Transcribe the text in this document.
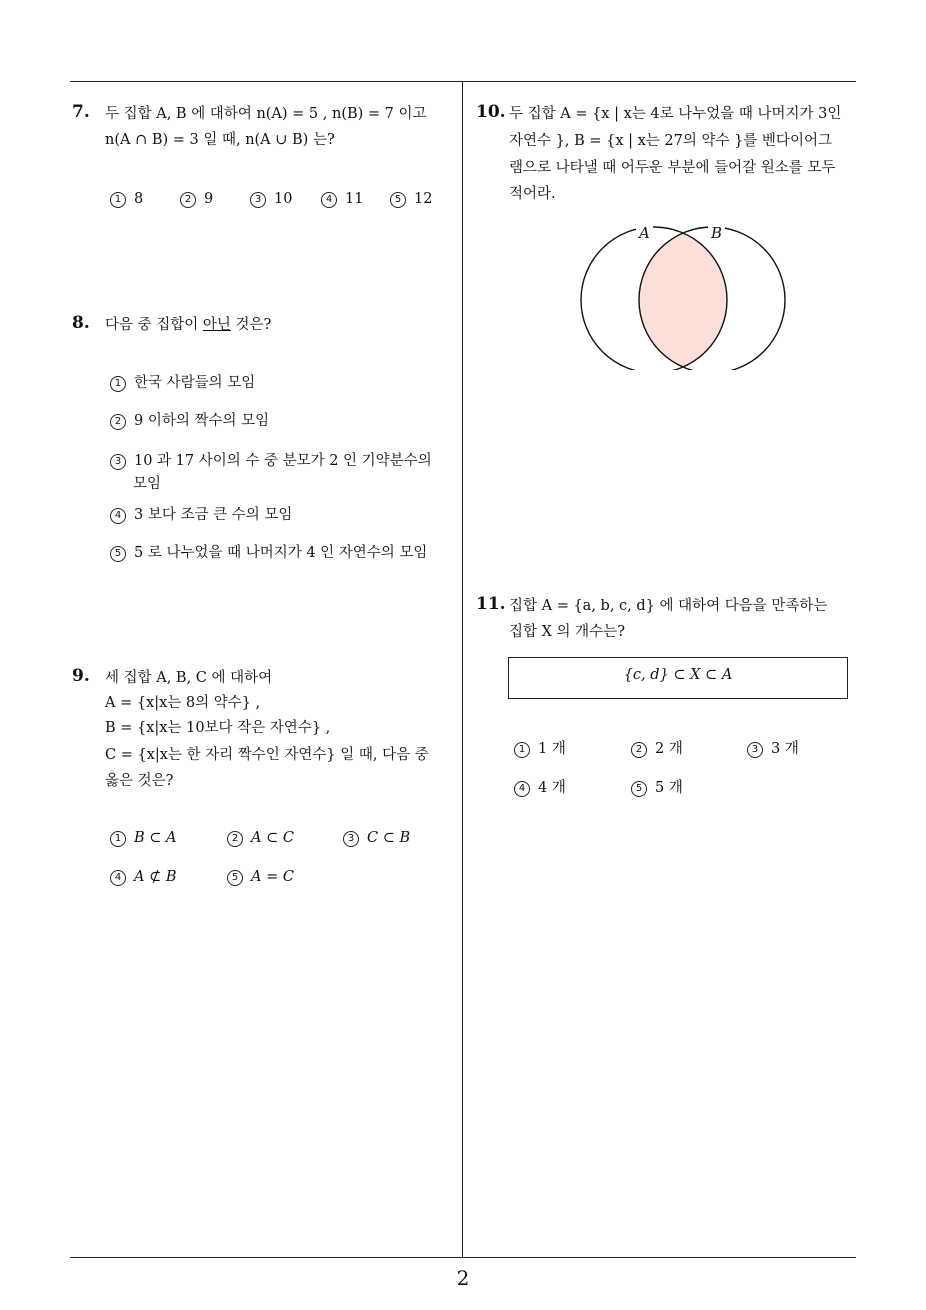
7. 두 집합 A, B 에 대하여 n(A) = 5 , n(B) = 7 이고
n(A ∩ B) = 3 일 때, n(A ∪ B) 는?
1 8	2 9	3 10	4 11	5 12
8. 다음 중 집합이 아닌 것은?
1 한국 사람들의 모임
2 9 이하의 짝수의 모임
3 10 과 17 사이의 수 중 분모가 2 인 기약분수의
모임
4 3 보다 조금 큰 수의 모임
5 5 로 나누었을 때 나머지가 4 인 자연수의 모임
9. 세 집합 A, B, C 에 대하여
A = {x|x는 8의 약수} ,
B = {x|x는 10보다 작은 자연수} ,
C = {x|x는 한 자리 짝수인 자연수} 일 때, 다음 중
옳은 것은?
1 B ⊂ A	2 A ⊂ C	3 C ⊂ B
4 A ⊄ B	5 A = C
10. 두 집합 A = {x | x는 4로 나누었을 때 나머지가 3인
자연수 }, B = {x | x는 27의 약수 }를 벤다이어그
램으로 나타낼 때 어두운 부분에 들어갈 원소를 모두
적어라.
A	B
11. 집합 A = {a, b, c, d} 에 대하여 다음을 만족하는
집합 X 의 개수는?
{c, d} ⊂ X ⊂ A
1 1 개	2 2 개	3 3 개
4 4 개	5 5 개
2
